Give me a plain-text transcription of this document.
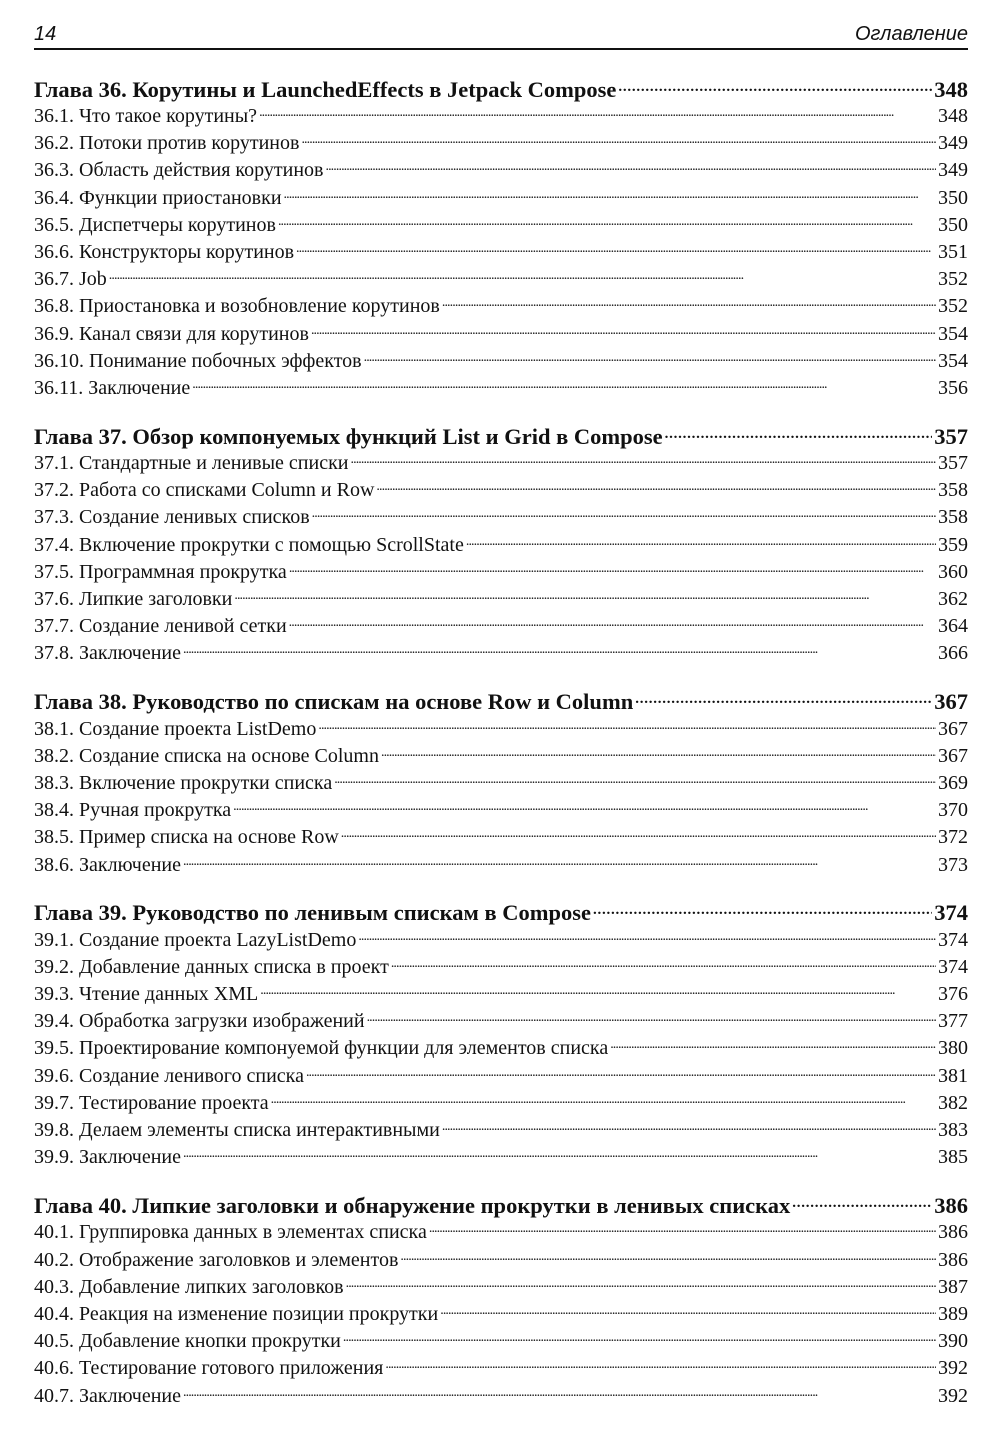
14	Оглавление
Глава 36. Корутины и LaunchedEffects в Jetpack Compose . . .	348
36.1. Что такое корутины? . . .	348
36.2. Потоки против корутинов . . .	349
36.3. Область действия корутинов . . .	349
36.4. Функции приостановки . . .	350
36.5. Диспетчеры корутинов . . .	350
36.6. Конструкторы корутинов . . .	351
36.7. Job . . .	352
36.8. Приостановка и возобновление корутинов . . .	352
36.9. Канал связи для корутинов . . .	354
36.10. Понимание побочных эффектов . . .	354
36.11. Заключение . . .	356
Глава 37. Обзор компонуемых функций List и Grid в Compose . . .	357
37.1. Стандартные и ленивые списки . . .	357
37.2. Работа со списками Column и Row . . .	358
37.3. Создание ленивых списков . . .	358
37.4. Включение прокрутки с помощью ScrollState . . .	359
37.5. Программная прокрутка . . .	360
37.6. Липкие заголовки . . .	362
37.7. Создание ленивой сетки . . .	364
37.8. Заключение . . .	366
Глава 38. Руководство по спискам на основе Row и Column . . .	367
38.1. Создание проекта ListDemo . . .	367
38.2. Создание списка на основе Column . . .	367
38.3. Включение прокрутки списка . . .	369
38.4. Ручная прокрутка . . .	370
38.5. Пример списка на основе Row . . .	372
38.6. Заключение . . .	373
Глава 39. Руководство по ленивым спискам в Compose . . .	374
39.1. Создание проекта LazyListDemo . . .	374
39.2. Добавление данных списка в проект . . .	374
39.3. Чтение данных XML . . .	376
39.4. Обработка загрузки изображений . . .	377
39.5. Проектирование компонуемой функции для элементов списка . . .	380
39.6. Создание ленивого списка . . .	381
39.7. Тестирование проекта . . .	382
39.8. Делаем элементы списка интерактивными . . .	383
39.9. Заключение . . .	385
Глава 40. Липкие заголовки и обнаружение прокрутки в ленивых списках . . .	386
40.1. Группировка данных в элементах списка . . .	386
40.2. Отображение заголовков и элементов . . .	386
40.3. Добавление липких заголовков . . .	387
40.4. Реакция на изменение позиции прокрутки . . .	389
40.5. Добавление кнопки прокрутки . . .	390
40.6. Тестирование готового приложения . . .	392
40.7. Заключение . . .	392
